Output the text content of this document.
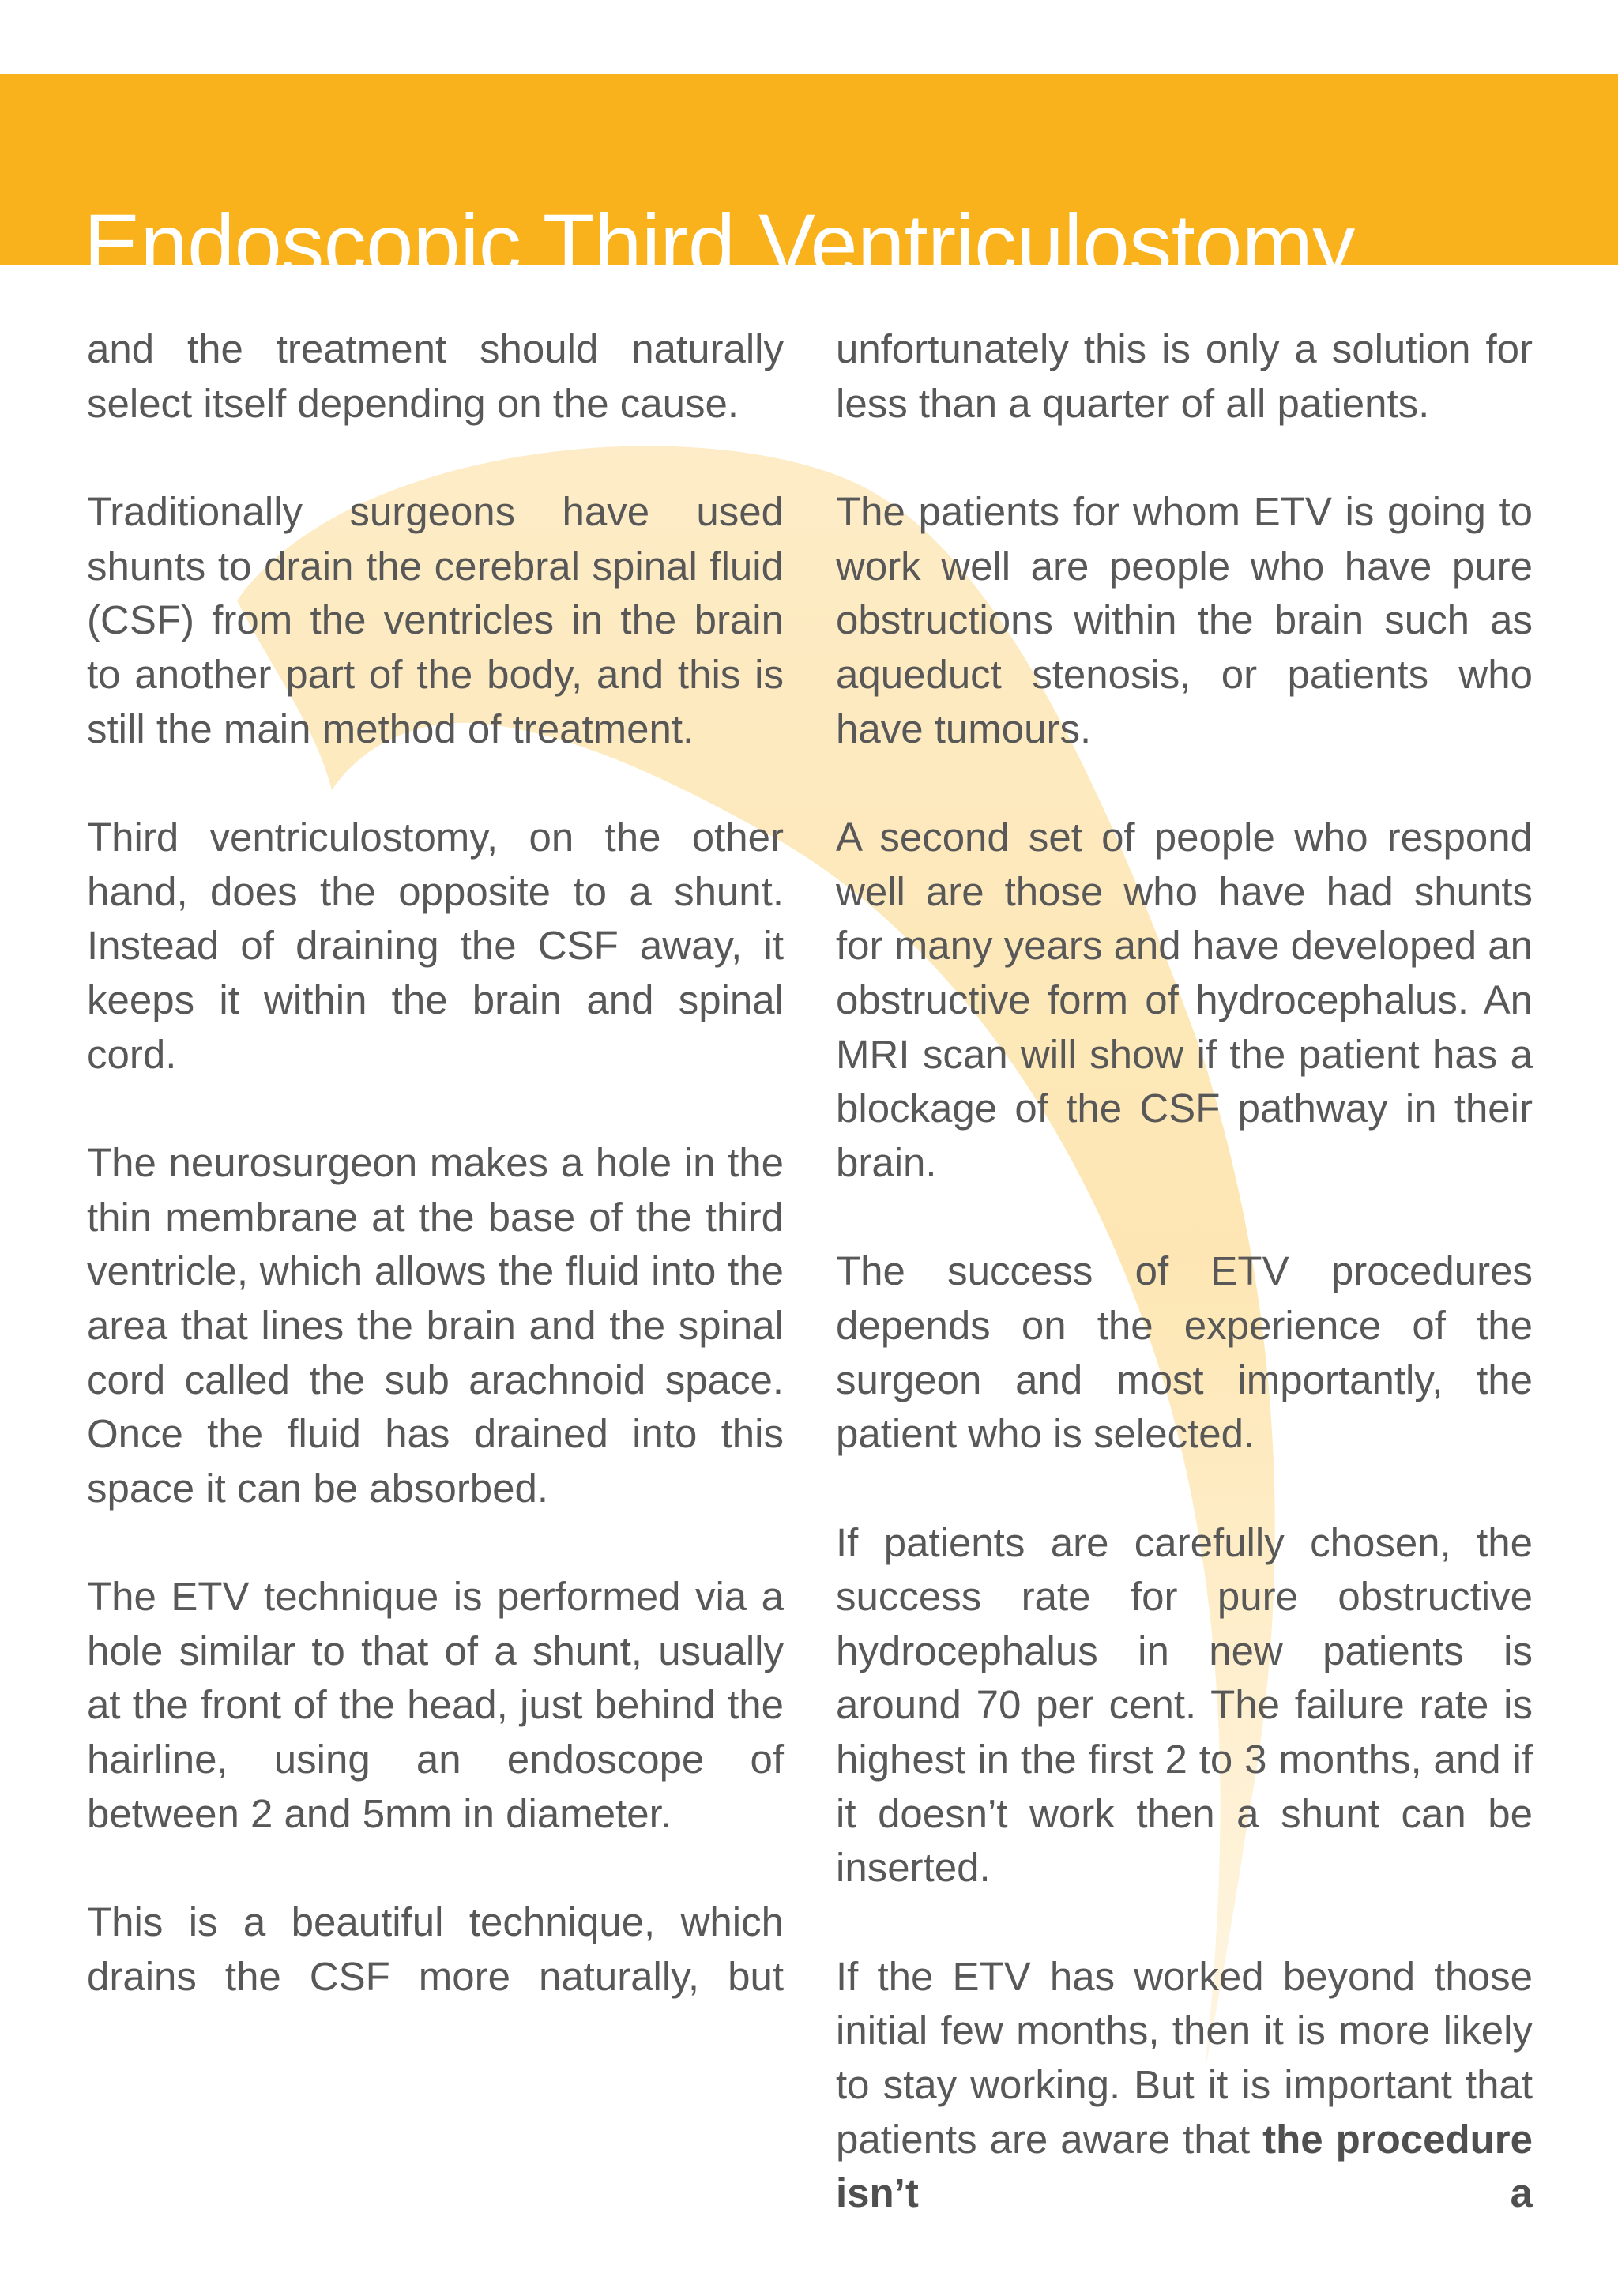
Endoscopic Third Ventriculostomy

and the treatment should naturally select itself depending on the cause.

Traditionally surgeons have used shunts to drain the cerebral spinal fluid (CSF) from the ventricles in the brain to another part of the body, and this is still the main method of treatment.

Third ventriculostomy, on the other hand, does the opposite to a shunt. Instead of draining the CSF away, it keeps it within the brain and spinal cord.

The neurosurgeon makes a hole in the thin membrane at the base of the third ventricle, which allows the fluid into the area that lines the brain and the spinal cord called the sub arachnoid space. Once the fluid has drained into this space it can be absorbed.

The ETV technique is performed via a hole similar to that of a shunt, usually at the front of the head, just behind the hairline, using an endoscope of between 2 and 5mm in diameter.

This is a beautiful technique, which drains the CSF more naturally, but

unfortunately this is only a solution for less than a quarter of all patients.

The patients for whom ETV is going to work well are people who have pure obstructions within the brain such as aqueduct stenosis, or patients who have tumours.

A second set of people who respond well are those who have had shunts for many years and have developed an obstructive form of hydrocephalus. An MRI scan will show if the patient has a blockage of the CSF pathway in their brain.

The success of ETV procedures depends on the experience of the surgeon and most importantly, the patient who is selected.

If patients are carefully chosen, the success rate for pure obstructive hydrocephalus in new patients is around 70 per cent. The failure rate is highest in the first 2 to 3 months, and if it doesn’t work then a shunt can be inserted.

If the ETV has worked beyond those initial few months, then it is more likely to stay working. But it is important that patients are aware that the procedure isn’t a
